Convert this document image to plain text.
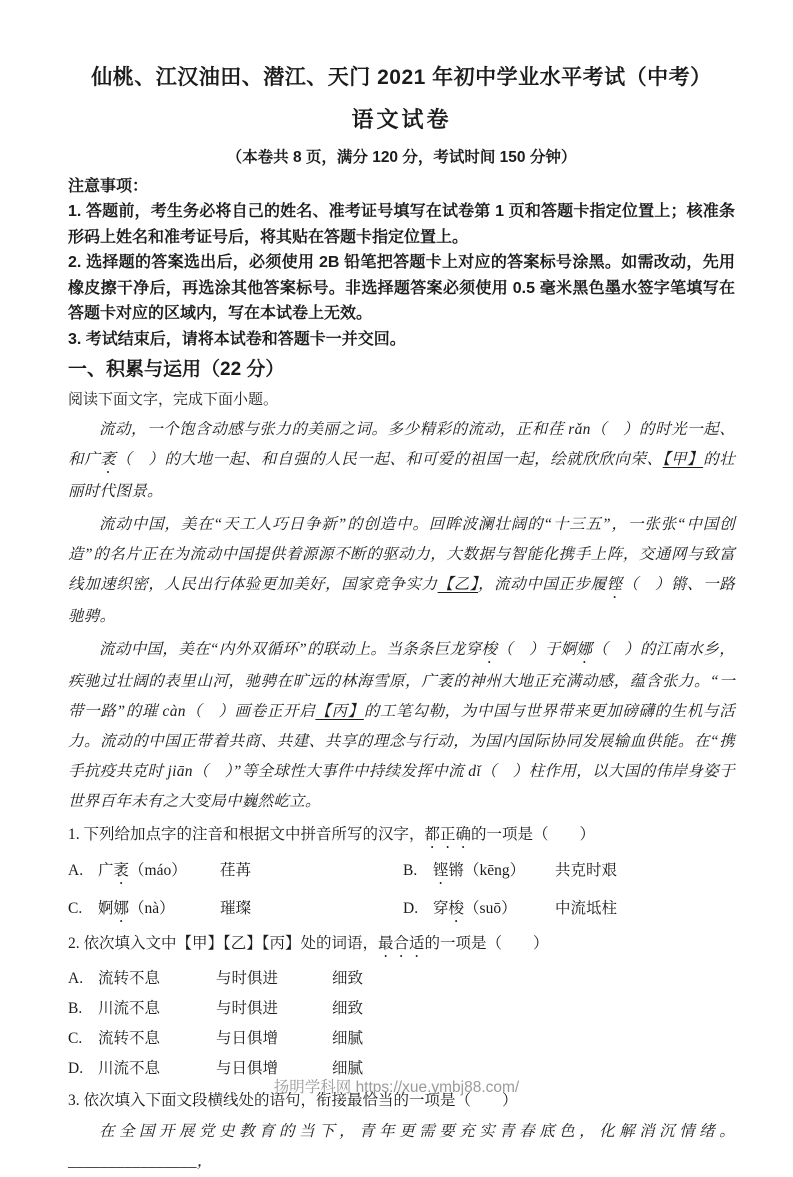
仙桃、江汉油田、潜江、天门 2021 年初中学业水平考试（中考）
语文试卷
（本卷共 8 页，满分 120 分，考试时间 150 分钟）
注意事项：
1. 答题前，考生务必将自己的姓名、准考证号填写在试卷第 1 页和答题卡指定位置上；核准条形码上姓名和准考证号后，将其贴在答题卡指定位置上。
2. 选择题的答案选出后，必须使用 2B 铅笔把答题卡上对应的答案标号涂黑。如需改动，先用橡皮擦干净后，再选涂其他答案标号。非选择题答案必须使用 0.5 毫米黑色墨水签字笔填写在答题卡对应的区域内，写在本试卷上无效。
3. 考试结束后，请将本试卷和答题卡一并交回。
一、积累与运用（22 分）
阅读下面文字，完成下面小题。

流动，一个饱含动感与张力的美丽之词。多少精彩的流动，正和荏 rǎn（　）的时光一起、和广袤（　）的大地一起、和自强的人民一起、和可爱的祖国一起，绘就欣欣向荣、【甲】的壮丽时代图景。

流动中国，美在“天工人巧日争新”的创造中。回眸波澜壮阔的“十三五”，一张张“中国创造”的名片正在为流动中国提供着源源不断的驱动力，大数据与智能化携手上阵，交通网与致富线加速织密，人民出行体验更加美好，国家竞争实力【乙】，流动中国正步履铿（　）锵、一路驰骋。

流动中国，美在“内外双循环”的联动上。当条条巨龙穿梭（　）于婀娜（　）的江南水乡，疾驰过壮阔的表里山河，驰骋在旷远的林海雪原，广袤的神州大地正充满动感，蕴含张力。“一带一路”的璀 càn（　）画卷正开启【丙】的工笔勾勒，为中国与世界带来更加磅礴的生机与活力。流动的中国正带着共商、共建、共享的理念与行动，为国内国际协同发展输血供能。在“携手抗疫共克时 jiān（　）”等全球性大事件中持续发挥中流 dǐ（　）柱作用，以大国的伟岸身姿于世界百年未有之大变局中巍然屹立。

1. 下列给加点字的注音和根据文中拼音所写的汉字，都正确的一项是（　　）
A. 广袤（máo） 荏苒	B. 铿锵（kēng） 共克时艰
C. 婀娜（nà）	璀璨	D. 穿梭（suō） 中流坻柱
2. 依次填入文中【甲】【乙】【丙】处的词语，最合适的一项是（　　）
A. 流转不息	与时俱进	细致
B. 川流不息	与时俱进	细致
C. 流转不息	与日俱增	细腻
D. 川流不息	与日俱增	细腻
3. 依次填入下面文段横线处的语句，衔接最恰当的一项是（　　）

在全国开展党史教育的当下，青年更需要充实青春底色，化解消沉情绪。________________，

扬明学科网 https://xue.ymbj88.com/
